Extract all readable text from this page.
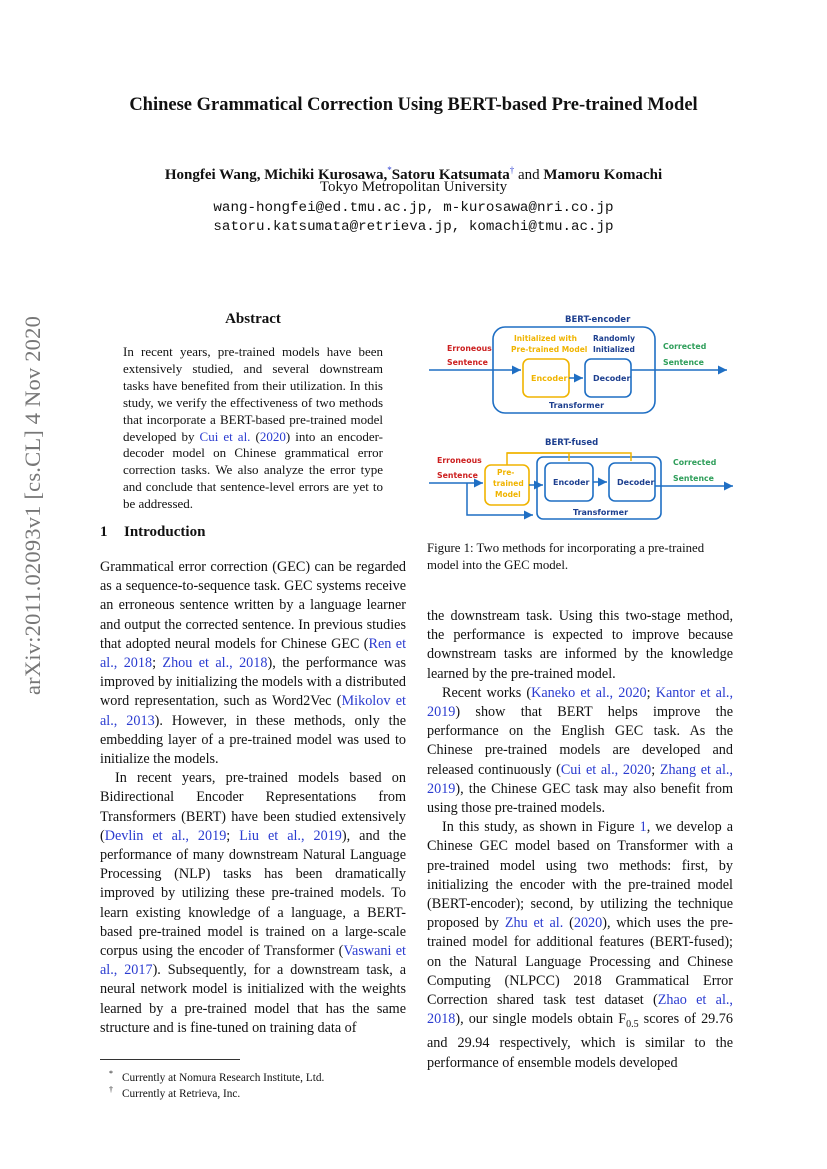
Chinese Grammatical Correction Using BERT-based Pre-trained Model
Hongfei Wang, Michiki Kurosawa,*Satoru Katsumata† and Mamoru Komachi
Tokyo Metropolitan University
wang-hongfei@ed.tmu.ac.jp, m-kurosawa@nri.co.jp
satoru.katsumata@retrieva.jp, komachi@tmu.ac.jp
arXiv:2011.02093v1 [cs.CL] 4 Nov 2020	Abstract
In recent years, pre-trained models have been extensively studied, and several downstream tasks have benefited from their utilization. In this study, we verify the effectiveness of two methods that incorporate a BERT-based pre-trained model developed by Cui et al. (2020) into an encoder-decoder model on Chinese grammatical error correction tasks. We also analyze the error type and conclude that sentence-level errors are yet to be addressed.
1 Introduction

Grammatical error correction (GEC) can be regarded as a sequence-to-sequence task. GEC systems receive an erroneous sentence written by a language learner and output the corrected sentence. In previous studies that adopted neural models for Chinese GEC (Ren et al., 2018; Zhou et al., 2018), the performance was improved by initializing the models with a distributed word representation, such as Word2Vec (Mikolov et al., 2013). However, in these methods, only the embedding layer of a pre-trained model was used to initialize the models.

In recent years, pre-trained models based on Bidirectional Encoder Representations from Transformers (BERT) have been studied extensively (Devlin et al., 2019; Liu et al., 2019), and the performance of many downstream Natural Language Processing (NLP) tasks has been dramatically improved by utilizing these pre-trained models. To learn existing knowledge of a language, a BERT-based pre-trained model is trained on a large-scale corpus using the encoder of Transformer (Vaswani et al., 2017). Subsequently, for a downstream task, a neural network model is initialized with the weights learned by a pre-trained model that has the same structure and is fine-tuned on training data of

* Currently at Nomura Research Institute, Ltd.
† Currently at Retrieva, Inc.
BERT-encoder
Initialized with
Pre-trained Model
Randomly
Initialized
Encoder	Decoder
Transformer
Erroneous
Sentence
Corrected
Sentence
BERT-fused
Pre-
trained
Model
Encoder	Decoder
Transformer
Erroneous
Sentence
Corrected
Sentence
Figure 1: Two methods for incorporating a pre-trained model into the GEC model.

the downstream task. Using this two-stage method, the performance is expected to improve because downstream tasks are informed by the knowledge learned by the pre-trained model.

Recent works (Kaneko et al., 2020; Kantor et al., 2019) show that BERT helps improve the performance on the English GEC task. As the Chinese pre-trained models are developed and released continuously (Cui et al., 2020; Zhang et al., 2019), the Chinese GEC task may also benefit from using those pre-trained models.

In this study, as shown in Figure 1, we develop a Chinese GEC model based on Transformer with a pre-trained model using two methods: first, by initializing the encoder with the pre-trained model (BERT-encoder); second, by utilizing the technique proposed by Zhu et al. (2020), which uses the pre-trained model for additional features (BERT-fused); on the Natural Language Processing and Chinese Computing (NLPCC) 2018 Grammatical Error Correction shared task test dataset (Zhao et al., 2018), our single models obtain $F_{0.5}$ scores of 29.76 and 29.94 respectively, which is similar to the performance of ensemble models developed
